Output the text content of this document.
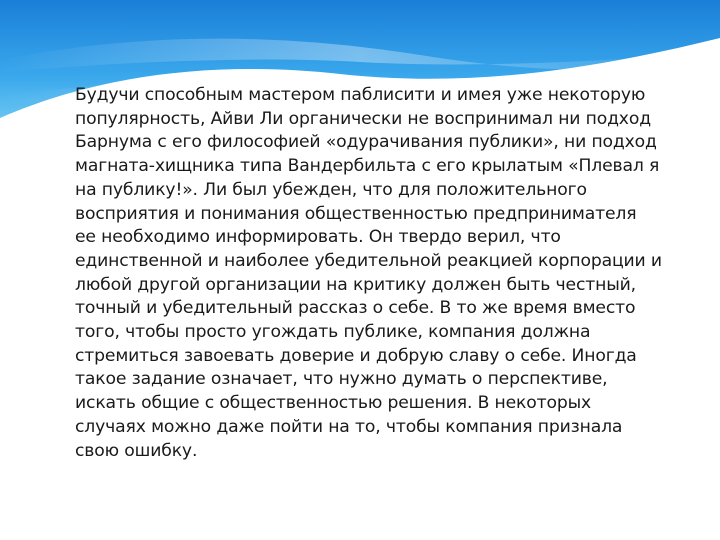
Будучи способным мастером паблисити и имея уже некоторую
популярность, Айви Ли органически не воспринимал ни подход
Барнума с его философией «одурачивания публики», ни подход
магната-хищника типа Вандербильта с его крылатым «Плевал я
на публику!». Ли был убежден, что для положительного
восприятия и понимания общественностью предпринимателя
ее необходимо информировать. Он твердо верил, что
единственной и наиболее убедительной реакцией корпорации и
любой другой организации на критику должен быть честный,
точный и убедительный рассказ о себе. В то же время вместо
того, чтобы просто угождать публике, компания должна
стремиться завоевать доверие и добрую славу о себе. Иногда
такое задание означает, что нужно думать о перспективе,
искать общие с общественностью решения. В некоторых
случаях можно даже пойти на то, чтобы компания признала
свою ошибку.
